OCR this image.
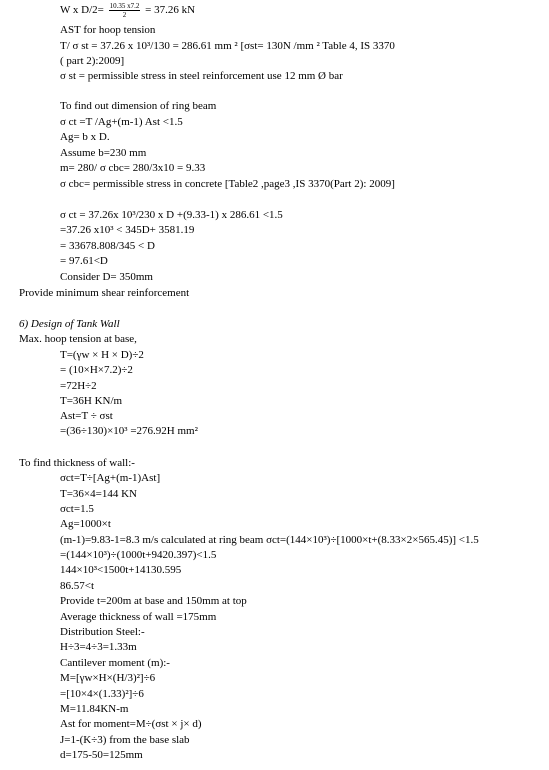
W x $D/2= \frac{10.35 x7.2}{2} = 37.26$ kN
AST for hoop tension
T/ σ st = 37.26 x 10³/130 = 286.61 mm ² [σst= 130N /mm ² Table 4, IS 3370
( part 2):2009]
σ st = permissible stress in steel reinforcement use 12 mm Ø bar
To find out dimension of ring beam
σ ct =T /Ag+(m-1) Ast <1.5
Ag= b x D.
Assume b=230 mm
m= 280/ σ cbc= 280/3x10 = 9.33
σ cbc= permissible stress in concrete [Table2 ,page3 ,IS 3370(Part 2): 2009]
σ ct = 37.26x 10³/230 x D +(9.33-1) x 286.61 <1.5
=37.26 x10³ < 345D+ 3581.19
= 33678.808/345 < D
= 97.61<D
Consider D= 350mm
Provide minimum shear reinforcement
6) Design of Tank Wall
Max. hoop tension at base,
T=(γw × H × D)÷2
= (10×H×7.2)÷2
=72H÷2
T=36H KN/m
Ast=T ÷ σst
=(36÷130)×10³ =276.92H mm²
To find thickness of wall:-
σct=T÷[Ag+(m-1)Ast]
T=36×4=144 KN
σct=1.5
Ag=1000×t
(m-1)=9.83-1=8.3 m/s calculated at ring beam σct=(144×10³)÷[1000×t+(8.33×2×565.45)] <1.5
=(144×10³)÷(1000t+9420.397)<1.5
144×10³<1500t+14130.595
86.57<t
Provide t=200m at base and 150mm at top
Average thickness of wall =175mm
Distribution Steel:-
H÷3=4÷3=1.33m
Cantilever moment (m):-
M=[γw×H×(H/3)²]÷6
=[10×4×(1.33)²]÷6
M=11.84KN-m
Ast for moment=M÷(σst × j× d)
J=1-(K÷3) from the base slab
d=175-50=125mm
